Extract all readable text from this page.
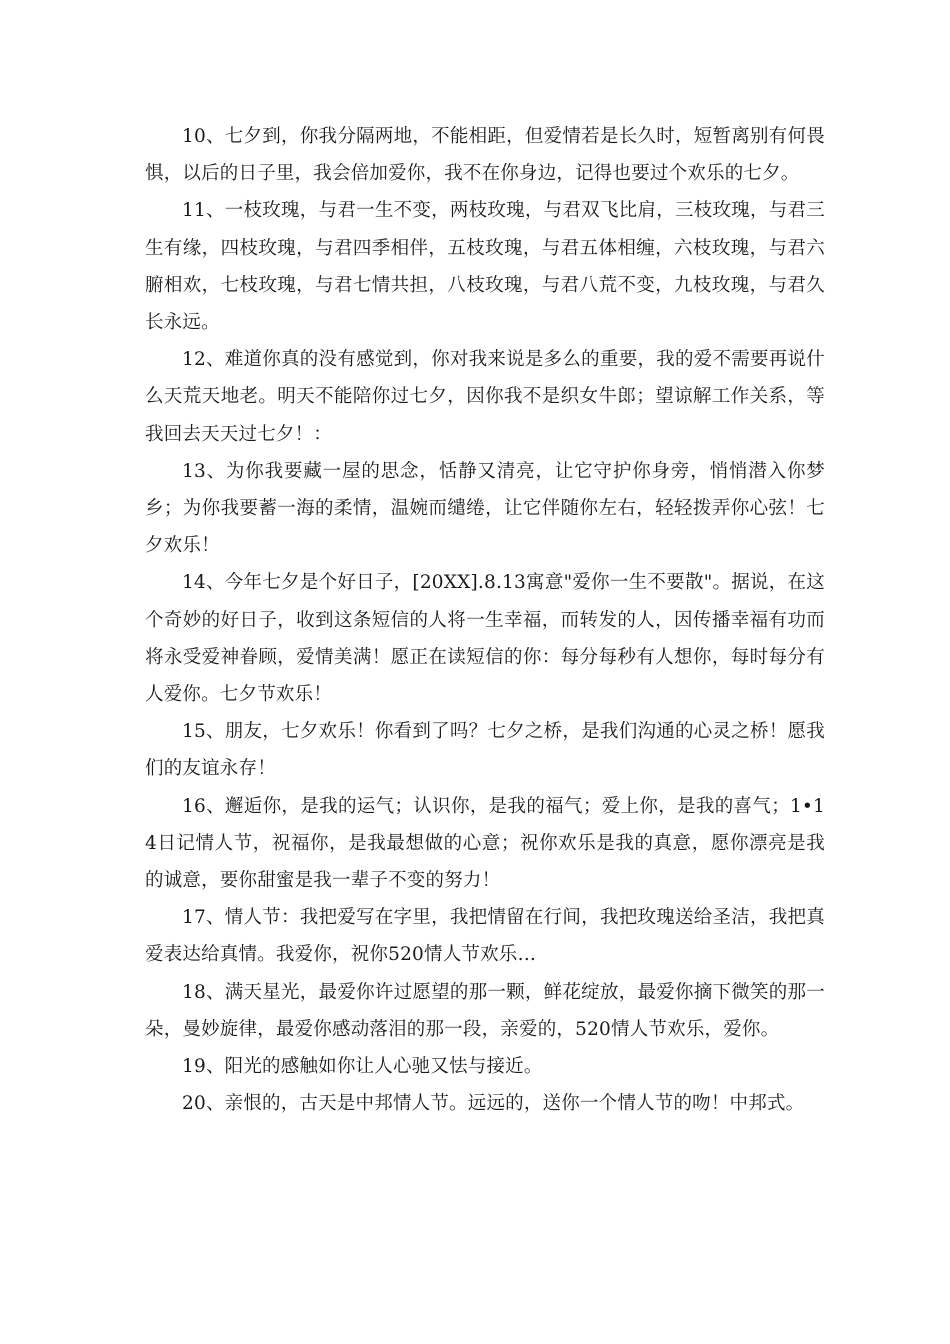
10、七夕到，你我分隔两地，不能相距，但爱情若是长久时，短暂离别有何畏惧，以后的日子里，我会倍加爱你，我不在你身边，记得也要过个欢乐的七夕。

11、一枝玫瑰，与君一生不变，两枝玫瑰，与君双飞比肩，三枝玫瑰，与君三生有缘，四枝玫瑰，与君四季相伴，五枝玫瑰，与君五体相缠，六枝玫瑰，与君六腑相欢，七枝玫瑰，与君七情共担，八枝玫瑰，与君八荒不变，九枝玫瑰，与君久长永远。

12、难道你真的没有感觉到，你对我来说是多么的重要，我的爱不需要再说什么天荒天地老。明天不能陪你过七夕，因你我不是织女牛郎；望谅解工作关系，等我回去天天过七夕！：

13、为你我要藏一屋的思念，恬静又清亮，让它守护你身旁，悄悄潜入你梦乡；为你我要蓄一海的柔情，温婉而缱绻，让它伴随你左右，轻轻拨弄你心弦！七夕欢乐！

14、今年七夕是个好日子，[20XX].8.13寓意"爱你一生不要散"。据说，在这个奇妙的好日子，收到这条短信的人将一生幸福，而转发的人，因传播幸福有功而将永受爱神眷顾，爱情美满！愿正在读短信的你：每分每秒有人想你，每时每分有人爱你。七夕节欢乐！

15、朋友，七夕欢乐！你看到了吗？七夕之桥，是我们沟通的心灵之桥！愿我们的友谊永存！

16、邂逅你，是我的运气；认识你，是我的福气；爱上你，是我的喜气；1•14日记情人节，祝福你，是我最想做的心意；祝你欢乐是我的真意，愿你漂亮是我的诚意，要你甜蜜是我一辈子不变的努力！

17、情人节：我把爱写在字里，我把情留在行间，我把玫瑰送给圣洁，我把真爱表达给真情。我爱你，祝你520情人节欢乐…

18、满天星光，最爱你许过愿望的那一颗，鲜花绽放，最爱你摘下微笑的那一朵，曼妙旋律，最爱你感动落泪的那一段，亲爱的，520情人节欢乐，爱你。

19、阳光的感触如你让人心驰又怯与接近。

20、亲恨的，古天是中邦情人节。远远的，送你一个情人节的吻！中邦式。
